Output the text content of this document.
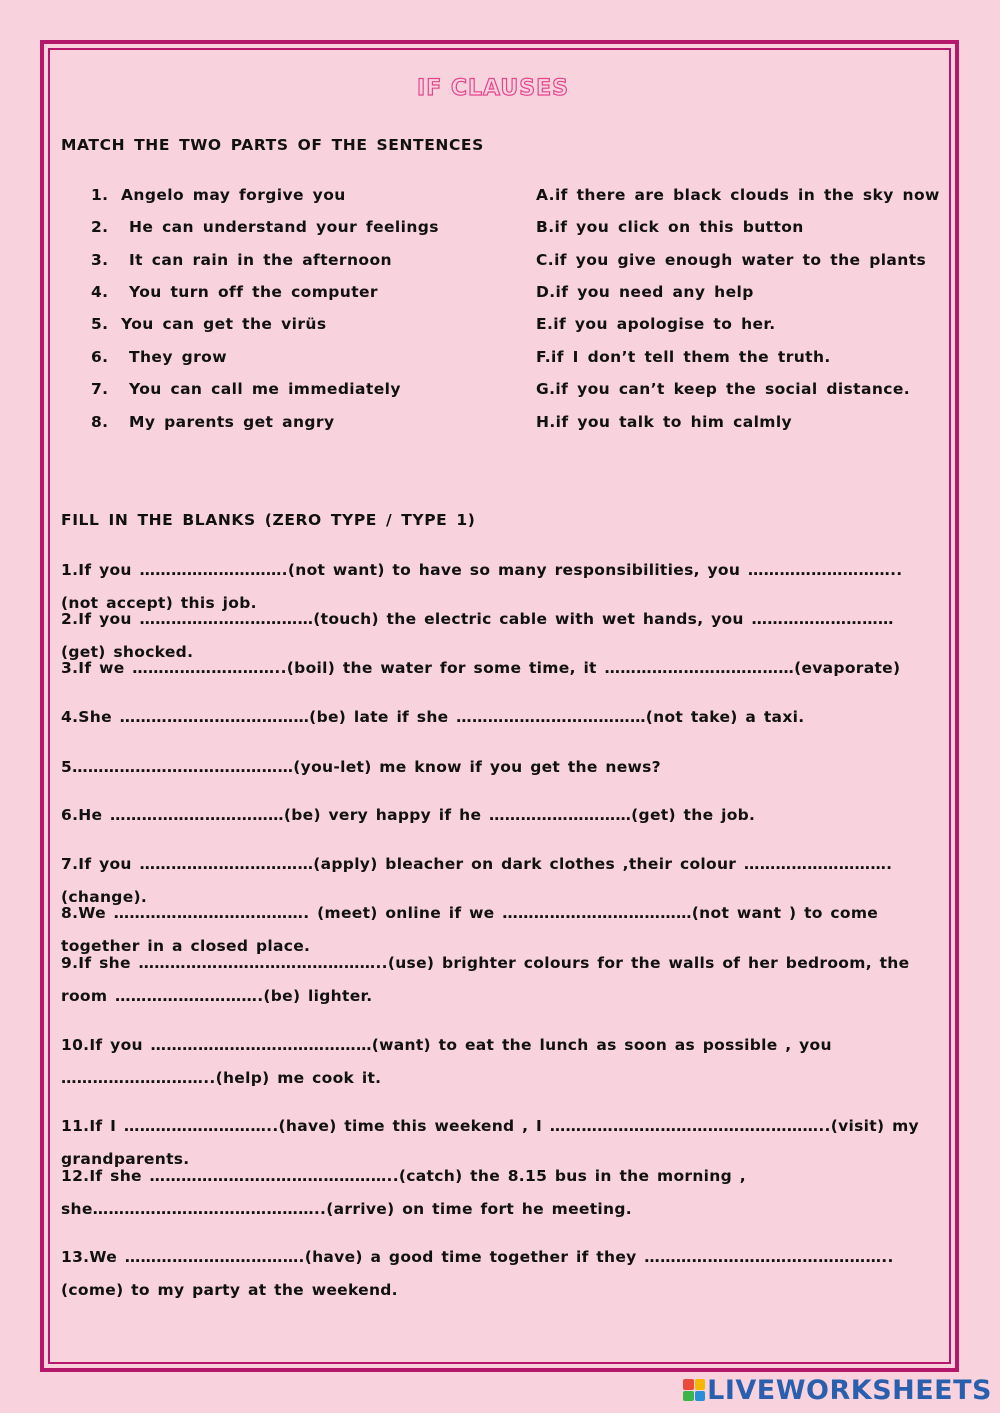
IF CLAUSES
MATCH THE TWO PARTS OF THE SENTENCES
1. Angelo may forgive you
2. He can understand your feelings
3. It can rain in the afternoon
4. You turn off the computer
5. You can get the virüs
6. They grow
7. You can call me immediately
8. My parents get angry
A.if there are black clouds in the sky now
B.if you click on this button
C.if you give enough water to the plants
D.if you need any help
E.if you apologise to her.
F.if I don’t tell them the truth.
G.if you can’t keep the social distance.
H.if you talk to him calmly
FILL IN THE BLANKS (ZERO TYPE / TYPE 1)
1.If you ……………………….(not want) to have so many responsibilities, you ………………………..(not accept) this job.
2.If you ……………………………(touch) the electric cable with wet hands, you ………………………(get) shocked.
3.If we ………………………..(boil) the water for some time, it ………………………………(evaporate)
4.She ………………………………(be) late if she ………………………………(not take) a taxi.
5……………………………………(you-let) me know if you get the news?
6.He ……………………………(be) very happy if he ………………………(get) the job.
7.If you ……………………………(apply) bleacher on dark clothes ,their colour ……………………….(change).
8.We ………………………………. (meet) online if we ………………………………(not want ) to come together in a closed place.
9.If she ………………………………………..(use) brighter colours for the walls of her bedroom, the room ……………………….(be) lighter.
10.If you ……………………………………(want) to eat the lunch as soon as possible , you ………………………..(help) me cook it.
11.If I ………………………..(have) time this weekend , I ……………………………………………..(visit) my grandparents.
12.If she ………………………………………..(catch) the 8.15 bus in the morning , she……………………………………..(arrive) on time fort he meeting.
13.We …………………………….(have) a good time together if they ………………………………………..(come) to my party at the weekend.
LIVEWORKSHEETS
